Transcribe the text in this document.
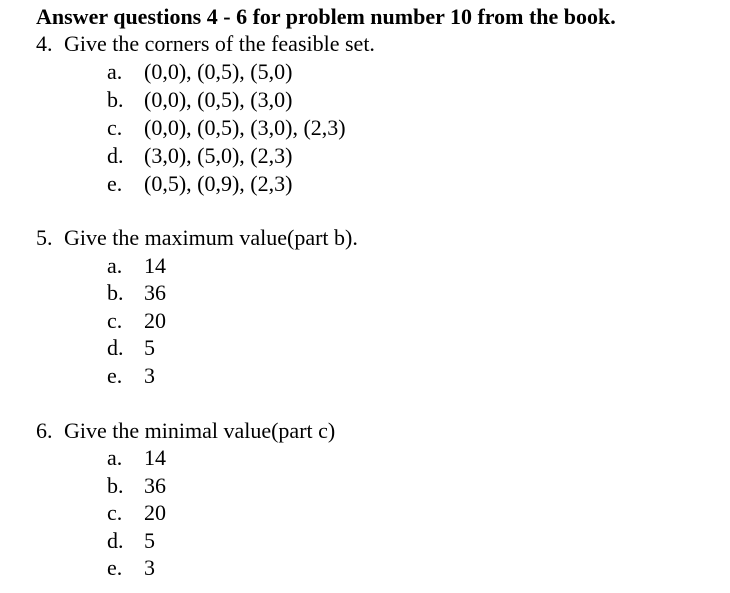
Answer questions 4 - 6 for problem number 10 from the book.
4. Give the corners of the feasible set.
a. (0,0), (0,5), (5,0)
b. (0,0), (0,5), (3,0)
c. (0,0), (0,5), (3,0), (2,3)
d. (3,0), (5,0), (2,3)
e. (0,5), (0,9), (2,3)
5. Give the maximum value(part b).
a. 14
b. 36
c. 20
d. 5
e. 3
6. Give the minimal value(part c)
a. 14
b. 36
c. 20
d. 5
e. 3
